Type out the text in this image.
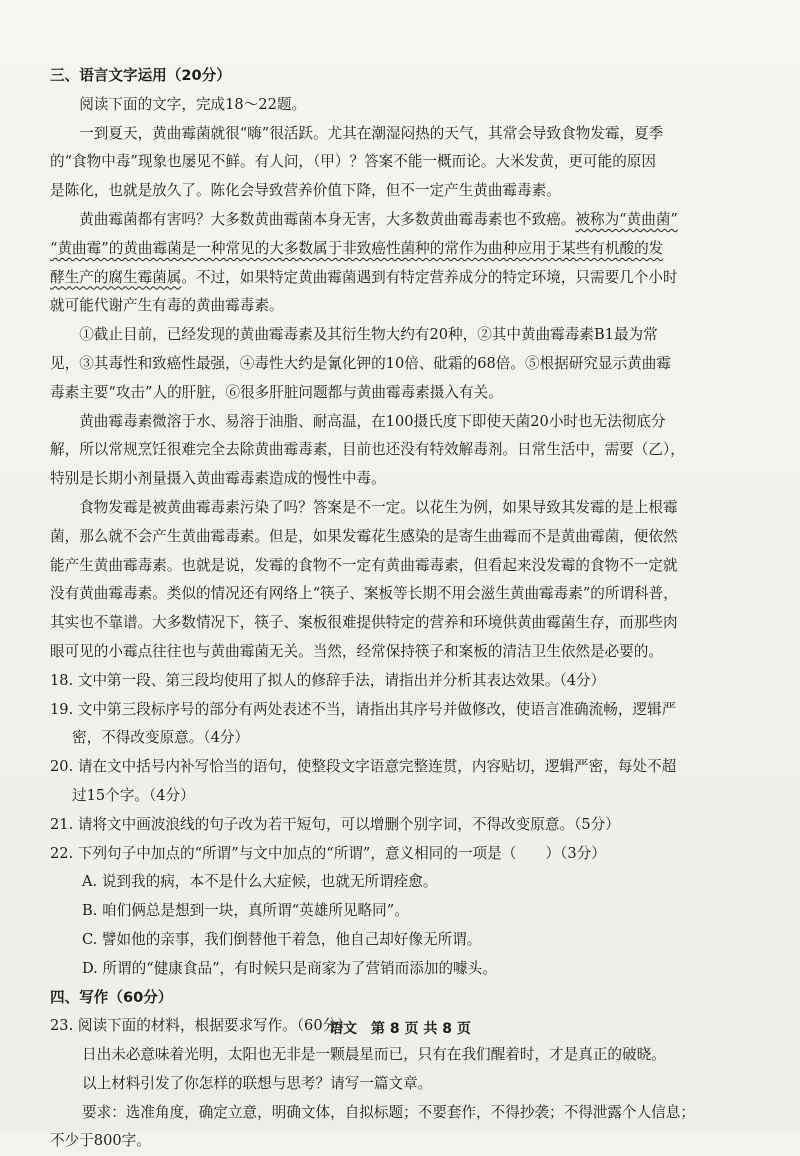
三、语言文字运用（20分）
阅读下面的文字，完成18～22题。
一到夏天，黄曲霉菌就很“嗨”很活跃。尤其在潮湿闷热的天气，其常会导致食物发霉，夏季
的“食物中毒”现象也屡见不鲜。有人问，（甲）？答案不能一概而论。大米发黄，更可能的原因
是陈化，也就是放久了。陈化会导致营养价值下降，但不一定产生黄曲霉毒素。
黄曲霉菌都有害吗？大多数黄曲霉菌本身无害，大多数黄曲霉毒素也不致癌。被称为“黄曲菌”
“黄曲霉”的黄曲霉菌是一种常见的大多数属于非致癌性菌种的常作为曲种应用于某些有机酸的发
酵生产的腐生霉菌属。不过，如果特定黄曲霉菌遇到有特定营养成分的特定环境，只需要几个小时
就可能代谢产生有毒的黄曲霉毒素。
①截止目前，已经发现的黄曲霉毒素及其衍生物大约有20种，②其中黄曲霉毒素B1最为常
见，③其毒性和致癌性最强，④毒性大约是氰化钾的10倍、砒霜的68倍。⑤根据研究显示黄曲霉
毒素主要“攻击”人的肝脏，⑥很多肝脏问题都与黄曲霉毒素摄入有关。
黄曲霉毒素微溶于水、易溶于油脂、耐高温，在100摄氏度下即使天菌20小时也无法彻底分
解，所以常规烹饪很难完全去除黄曲霉毒素，目前也还没有特效解毒剂。日常生活中，需要（乙），
特别是长期小剂量摄入黄曲霉毒素造成的慢性中毒。
食物发霉是被黄曲霉毒素污染了吗？答案是不一定。以花生为例，如果导致其发霉的是上根霉
菌，那么就不会产生黄曲霉毒素。但是，如果发霉花生感染的是寄生曲霉而不是黄曲霉菌，便依然
能产生黄曲霉毒素。也就是说，发霉的食物不一定有黄曲霉毒素，但看起来没发霉的食物不一定就
没有黄曲霉毒素。类似的情况还有网络上“筷子、案板等长期不用会滋生黄曲霉毒素”的所谓科普，
其实也不靠谱。大多数情况下，筷子、案板很难提供特定的营养和环境供黄曲霉菌生存，而那些肉
眼可见的小霉点往往也与黄曲霉菌无关。当然，经常保持筷子和案板的清洁卫生依然是必要的。
18. 文中第一段、第三段均使用了拟人的修辞手法，请指出并分析其表达效果。（4分）
19. 文中第三段标序号的部分有两处表述不当，请指出其序号并做修改，使语言准确流畅，逻辑严
密，不得改变原意。（4分）
20. 请在文中括号内补写恰当的语句，使整段文字语意完整连贯，内容贴切，逻辑严密，每处不超
过15个字。（4分）
21. 请将文中画波浪线的句子改为若干短句，可以增删个别字词，不得改变原意。（5分）
22. 下列句子中加点的“所谓”与文中加点的“所谓”，意义相同的一项是（　　）（3分）
A. 说到我的病，本不是什么大症候，也就无所谓痊愈。
B. 咱们俩总是想到一块，真所谓“英雄所见略同”。
C. 譬如他的亲事，我们倒替他干着急，他自己却好像无所谓。
D. 所谓的“健康食品”，有时候只是商家为了营销而添加的噱头。
四、写作（60分）
23. 阅读下面的材料，根据要求写作。（60分）
日出未必意味着光明，太阳也无非是一颗晨星而已，只有在我们醒着时，才是真正的破晓。
以上材料引发了你怎样的联想与思考？请写一篇文章。
要求：选准角度，确定立意，明确文体，自拟标题；不要套作，不得抄袭；不得泄露个人信息；
不少于800字。
语文　第 8 页 共 8 页
